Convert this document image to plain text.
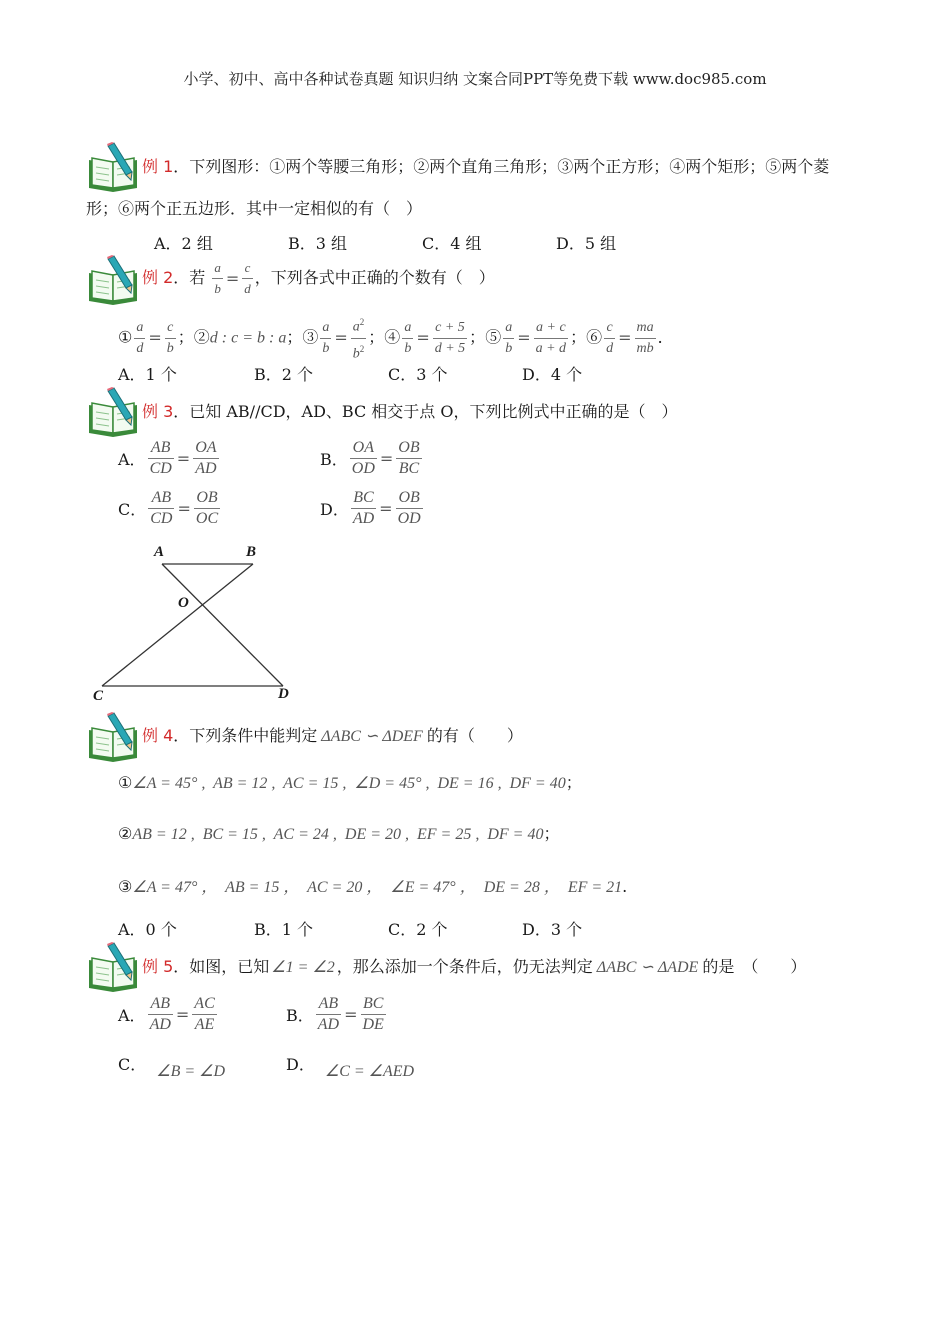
小学、初中、高中各种试卷真题 知识归纳 文案合同PPT等免费下载 www.doc985.com
例 1．下列图形：①两个等腰三角形；②两个直角三角形；③两个正方形；④两个矩形；⑤两个菱
形；⑥两个正五边形．其中一定相似的有（　）
A．2 组	B．3 组	C．4 组	D．5 组
例 2．若 $\frac{a}{b} = \frac{c}{d}$ ，下列各式中正确的个数有（　）
① $\frac{a}{d} = \frac{c}{b}$ ；②d : c = b : a；③ $\frac{a}{b} = \frac{a^2}{b^2}$ ；④ $\frac{a}{b} = \frac{c + 5}{d + 5}$ ；⑤ $\frac{a}{b} = \frac{a + c}{a + d}$ ；⑥ $\frac{c}{d} = \frac{ma}{mb}$ ．
A．1 个	B．2 个	C．3 个	D．4 个
例 3．已知 AB//CD，AD、BC 相交于点 O，下列比例式中正确的是（　）
A． $\frac{AB}{CD} = \frac{OA}{AD}$	B． $\frac{OA}{OD} = \frac{OB}{BC}$
C． $\frac{AB}{CD} = \frac{OB}{OC}$	D． $\frac{BC}{AD} = \frac{OB}{OD}$
A	B
O
C	D
例 4．下列条件中能判定 ΔABC ∽ ΔDEF 的有（　　）
①∠A = 45° ,  AB = 12 ,  AC = 15 ,  ∠D = 45° ,  DE = 16 ,  DF = 40；
②AB = 12 ,  BC = 15 ,  AC = 24 ,  DE = 20 ,  EF = 25 ,  DF = 40；
③∠A = 47° ，  AB = 15 ，  AC = 20 ，  ∠E = 47° ，  DE = 28 ，  EF = 21.
A．0 个	B．1 个	C．2 个	D．3 个
例 5．如图，已知 ∠1 = ∠2 ，那么添加一个条件后，仍无法判定 ΔABC ∽ ΔADE 的是　（　　）
A． $\frac{AB}{AD} = \frac{AC}{AE}$	B． $\frac{AB}{AD} = \frac{BC}{DE}$
C． ∠B = ∠D	D． ∠C = ∠AED
